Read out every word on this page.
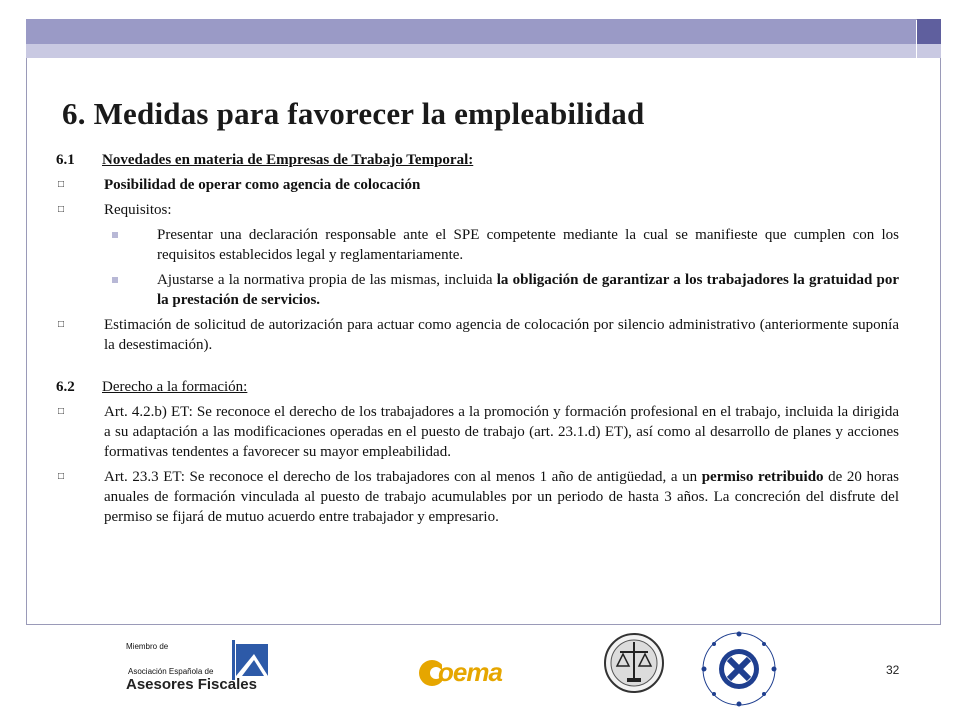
6. Medidas para favorecer la empleabilidad
6.1	Novedades en materia de Empresas de Trabajo Temporal:
□	Posibilidad de operar como agencia de colocación
□	Requisitos:
Presentar una declaración responsable ante el SPE competente mediante la cual se manifieste que cumplen con los requisitos establecidos legal y reglamentariamente.
Ajustarse a la normativa propia de las mismas, incluida la obligación de garantizar a los trabajadores la gratuidad por la prestación de servicios.
□	Estimación de solicitud de autorización para actuar como agencia de colocación por silencio administrativo (anteriormente suponía la desestimación).
6.2	Derecho a la formación:
□	Art. 4.2.b) ET: Se reconoce el derecho de los trabajadores a la promoción y formación profesional en el trabajo, incluida la dirigida a su adaptación a las modificaciones operadas en el puesto de trabajo (art. 23.1.d) ET), así como al desarrollo de planes y acciones formativas tendentes a favorecer su mayor empleabilidad.
□	Art. 23.3 ET: Se reconoce el derecho de los trabajadores con al menos 1 año de antigüedad, a un permiso retribuido de 20 horas anuales de formación vinculada al puesto de trabajo acumulables por un periodo de hasta 3 años. La concreción del disfrute del permiso se fijará de mutuo acuerdo entre trabajador y empresario.
Miembro de
Asociación Española de
Asesores Fiscales	oema	32
